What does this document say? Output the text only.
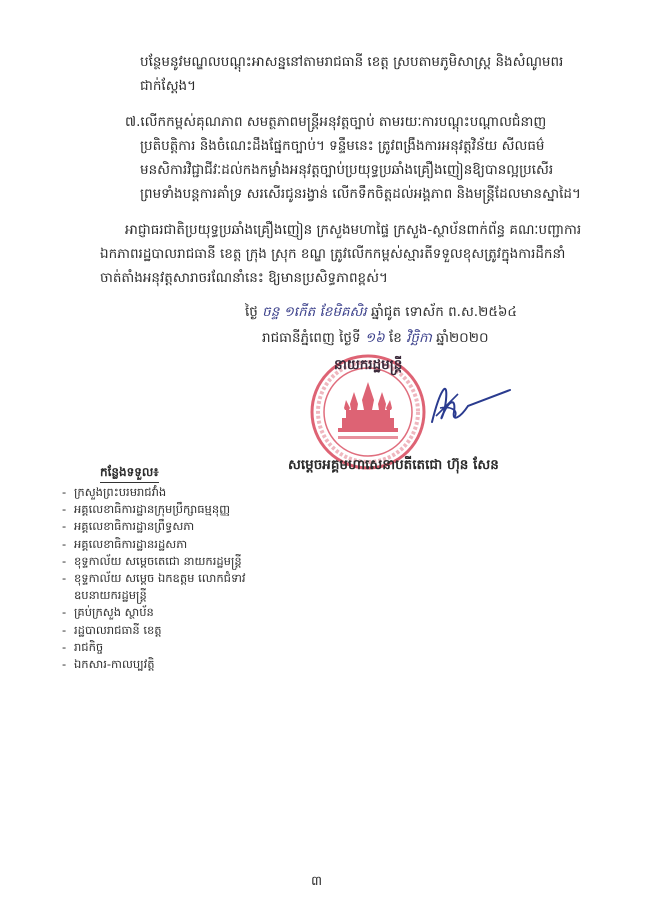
បន្ថែមនូវមណ្ឌលបណ្តុះអាសន្ននៅតាមរាជធានី ខេត្ត ស្របតាមភូមិសាស្ត្រ និងសំណូមពរ
ជាក់ស្តែង។
៧.លើកកម្ពស់គុណភាព សមត្ថភាពមន្ត្រីអនុវត្តច្បាប់ តាមរយៈការបណ្តុះបណ្តាលជំនាញ
ប្រតិបត្តិការ និងចំណេះដឹងផ្នែកច្បាប់។ ទន្ទឹមនេះ ត្រូវពង្រឹងការអនុវត្តវិន័យ សីលធម៌
មនសិការវិជ្ជាជីវៈដល់កងកម្លាំងអនុវត្តច្បាប់ប្រយុទ្ធប្រឆាំងគ្រឿងញៀនឱ្យបានល្អប្រសើរ
ព្រមទាំងបន្តការគាំទ្រ សរសើរជូនរង្វាន់ លើកទឹកចិត្តដល់អង្គភាព និងមន្ត្រីដែលមានស្នាដៃ។
អាជ្ញាធរជាតិប្រយុទ្ធប្រឆាំងគ្រឿងញៀន ក្រសួងមហាផ្ទៃ ក្រសួង-ស្ថាប័នពាក់ព័ន្ធ គណៈបញ្ជាការ
ឯកភាពរដ្ឋបាលរាជធានី ខេត្ត ក្រុង ស្រុក ខណ្ឌ ត្រូវលើកកម្ពស់ស្មារតីទទួលខុសត្រូវក្នុងការដឹកនាំ
ចាត់តាំងអនុវត្តសារាចរណែនាំនេះ ឱ្យមានប្រសិទ្ធភាពខ្ពស់។
ថ្ងៃ ចន្ទ ១កើត ខែមិគសិរ ឆ្នាំជូត ទោស័ក ព.ស.២៥៦៤
រាជធានីភ្នំពេញ ថ្ងៃទី ១៦ ខែ វិច្ឆិកា ឆ្នាំ២០២០
នាយករដ្ឋមន្ត្រី
សម្តេចអគ្គមហាសេនាបតីតេជោ ហ៊ុន សែន
កន្លែងទទួល៖
- ក្រសួងព្រះបរមរាជវាំង
- អគ្គលេខាធិការដ្ឋានក្រុមប្រឹក្សាធម្មនុញ្ញ
- អគ្គលេខាធិការដ្ឋានព្រឹទ្ធសភា
- អគ្គលេខាធិការដ្ឋានរដ្ឋសភា
- ខុទ្ទកាល័យ សម្តេចតេជោ នាយករដ្ឋមន្ត្រី
- ខុទ្ទកាល័យ សម្តេច ឯកឧត្តម លោកជំទាវ
ឧបនាយករដ្ឋមន្ត្រី
- គ្រប់ក្រសួង ស្ថាប័ន
- រដ្ឋបាលរាជធានី ខេត្ត
- រាជកិច្ច
- ឯកសារ-កាលប្បវត្តិ
៣
